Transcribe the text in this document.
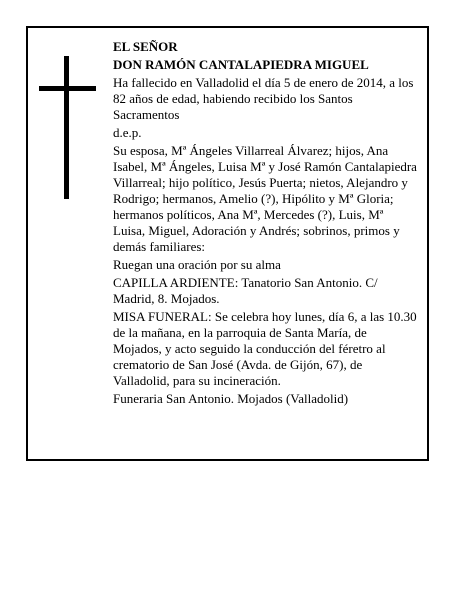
EL SEÑOR

DON RAMÓN CANTALAPIEDRA MIGUEL

Ha fallecido en Valladolid el día 5 de enero de 2014, a los 82 años de edad, habiendo recibido los Santos Sacramentos

d.e.p.

Su esposa, Mª Ángeles Villarreal Álvarez; hijos, Ana Isabel, Mª Ángeles, Luisa Mª y José Ramón Cantalapiedra Villarreal; hijo político, Jesús Puerta; nietos, Alejandro y Rodrigo; hermanos, Amelio (?), Hipólito y Mª Gloria; hermanos políticos, Ana Mª, Mercedes (?), Luis, Mª Luisa, Miguel, Adoración y Andrés; sobrinos, primos y demás familiares:

Ruegan una oración por su alma

CAPILLA ARDIENTE: Tanatorio San Antonio. C/ Madrid, 8. Mojados.

MISA FUNERAL: Se celebra hoy lunes, día 6, a las 10.30 de la mañana, en la parroquia de Santa María, de Mojados, y acto seguido la conducción del féretro al crematorio de San José (Avda. de Gijón, 67), de Valladolid, para su incineración.

Funeraria San Antonio. Mojados (Valladolid)
